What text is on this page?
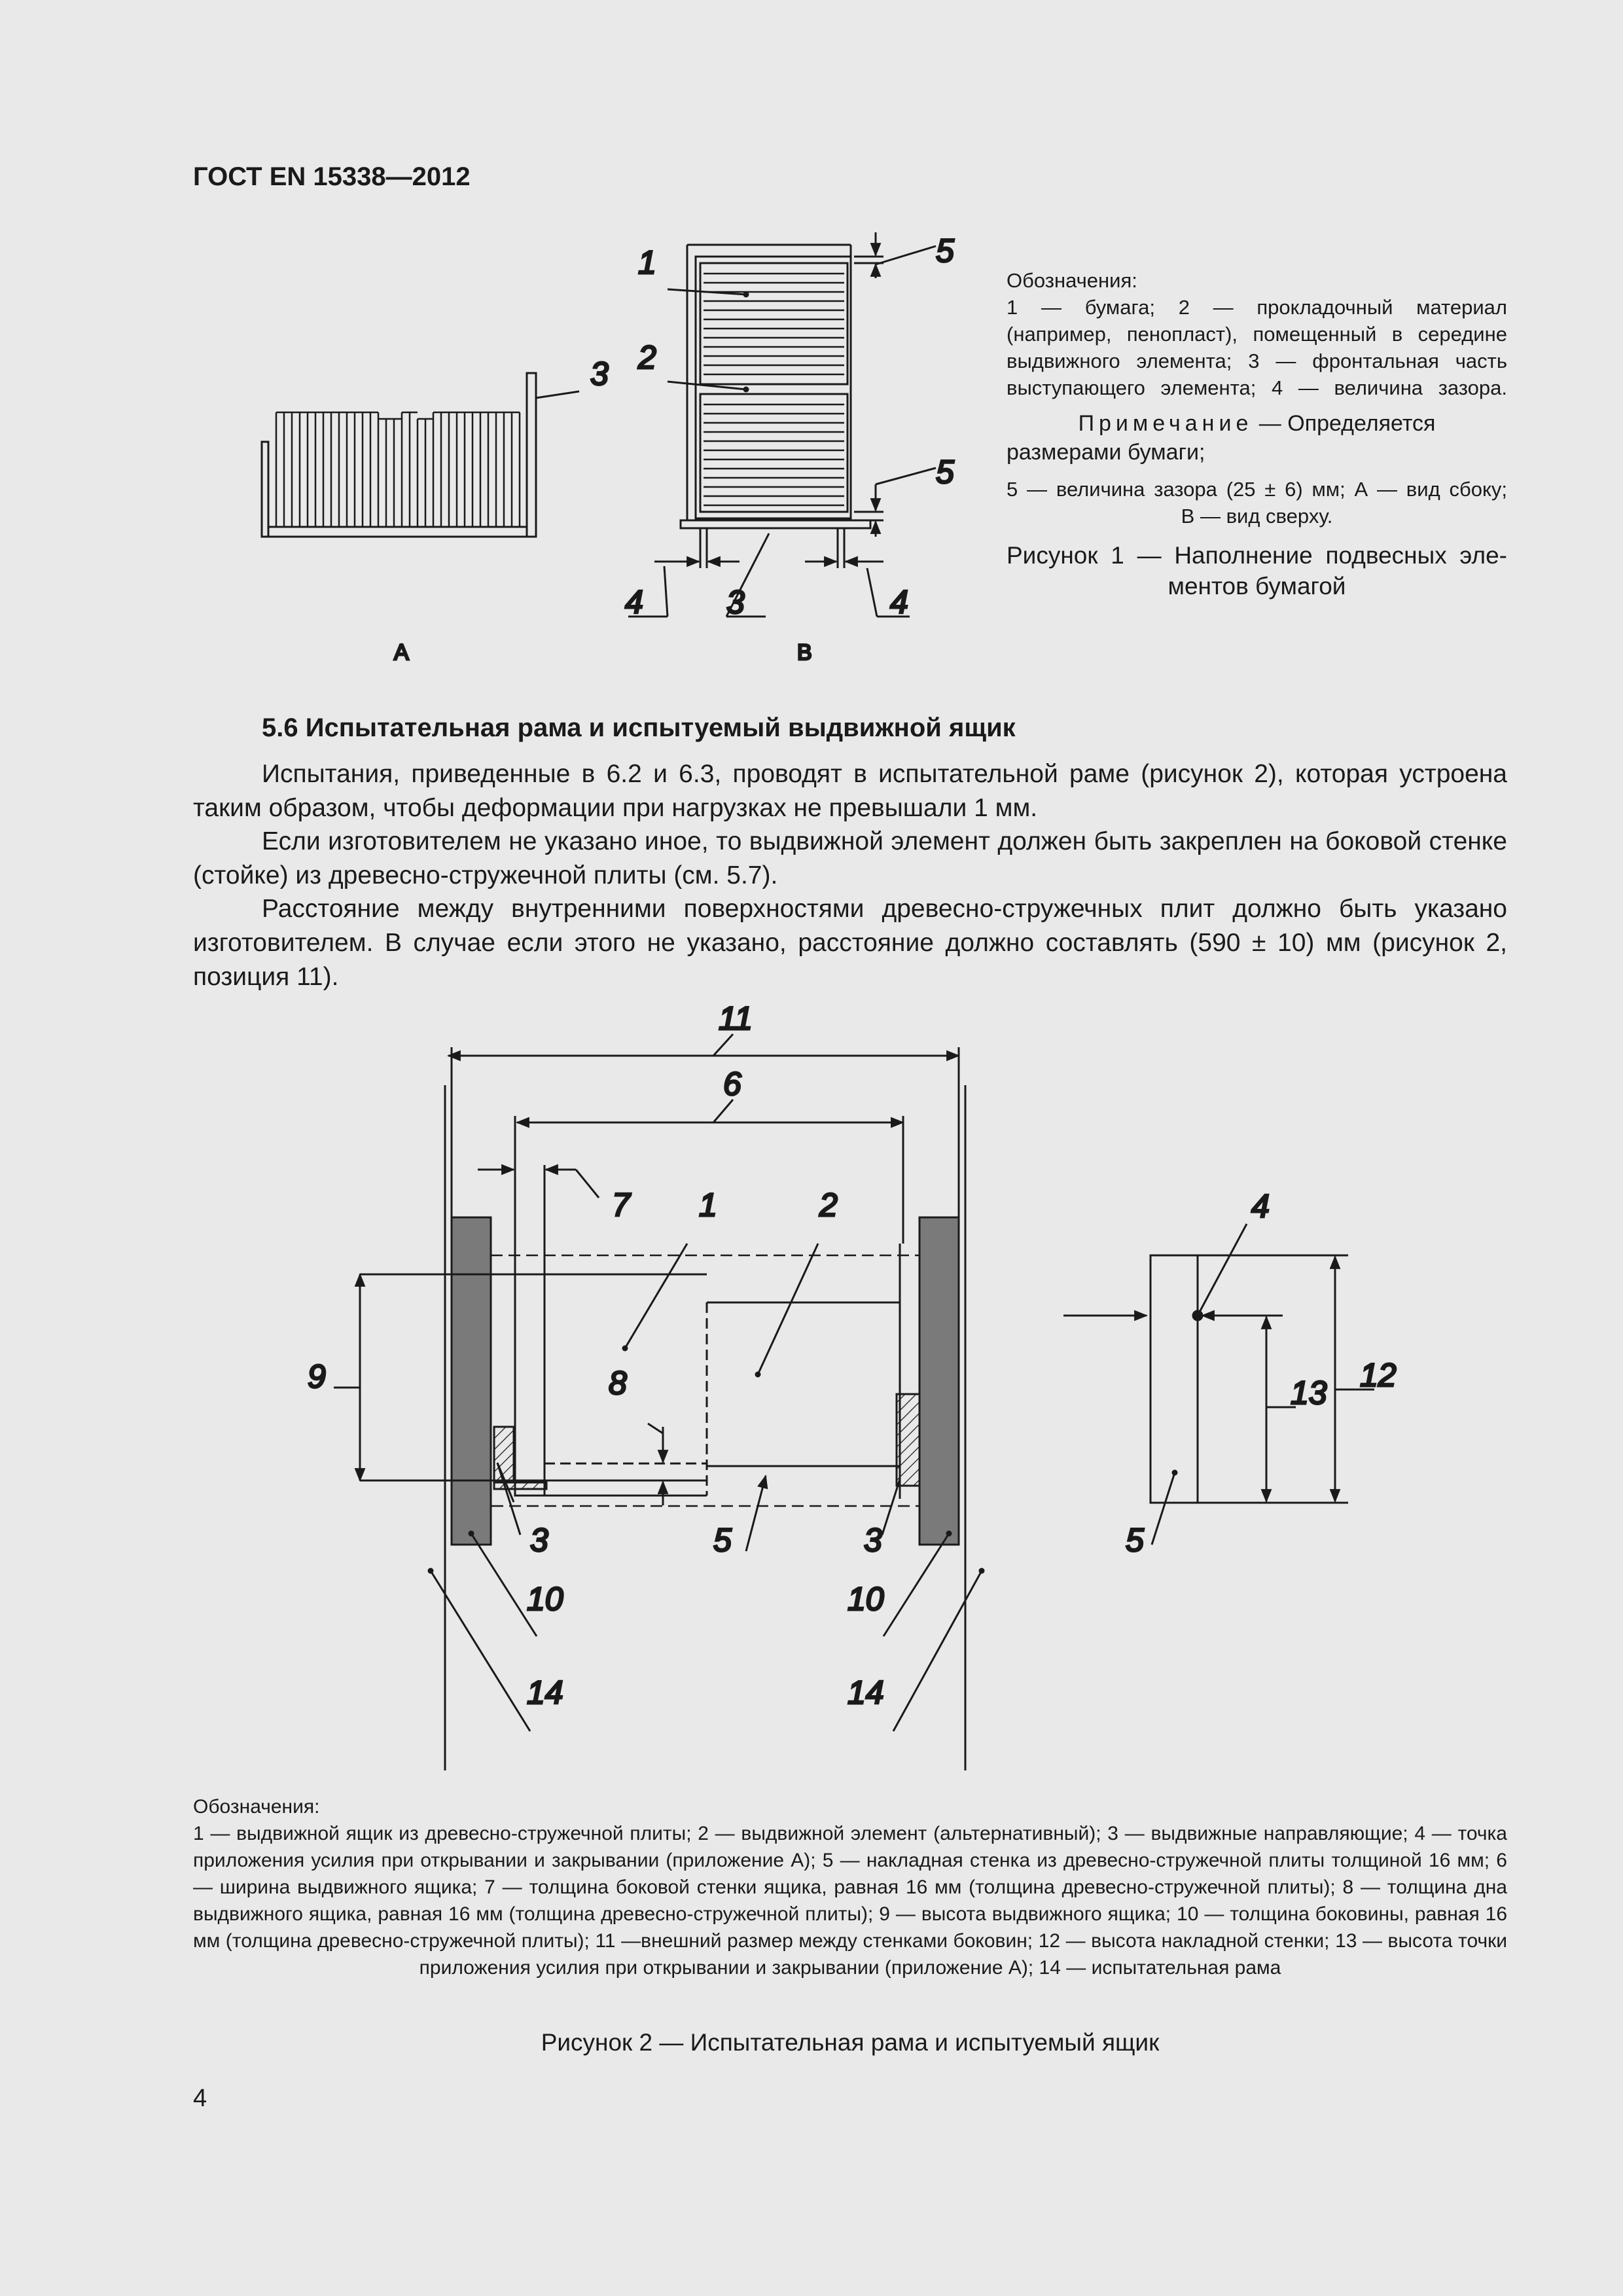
ГОСТ EN 15338—2012
3
1
2
5
5
4	3	4
А	В
Обозначения:
1 — бумага; 2 — прокладочный материал
(например, пенопласт), помещенный в середине
выдвижного элемента; 3 — фронтальная часть
выступающего элемента; 4 — величина зазора.
Примечание — Определяется
размерами бумаги;
5 — величина зазора (25 ± 6) мм; А — вид сбоку;
В — вид сверху.
Рисунок 1 — Наполнение подвесных эле-
ментов бумагой
5.6 Испытательная рама и испытуемый выдвижной ящик
Испытания, приведенные в 6.2 и 6.3, проводят в испытательной раме (рисунок 2), которая устроена таким образом, чтобы деформации при нагрузках не превышали 1 мм.
Если изготовителем не указано иное, то выдвижной элемент должен быть закреплен на боковой стенке (стойке) из древесно-стружечной плиты (см. 5.7).
Расстояние между внутренними поверхностями древесно-стружечных плит должно быть указано изготовителем. В случае если этого не указано, расстояние должно составлять (590 ± 10) мм (рисунок 2, позиция 11).
11
6
7 1	2
9	8
3	5	3
10	10
14	14
4
12
13
5
Обозначения:
1 — выдвижной ящик из древесно-стружечной плиты; 2 — выдвижной элемент (альтернативный); 3 — выдвижные направляющие; 4 — точка приложения усилия при открывании и закрывании (приложение А); 5 — накладная стенка из древесно-стружечной плиты толщиной 16 мм; 6 — ширина выдвижного ящика; 7 — толщина боковой стенки ящика, равная 16 мм (толщина древесно-стружечной плиты); 8 — толщина дна выдвижного ящика, равная 16 мм (толщина древесно-стружечной плиты); 9 — высота выдвижного ящика; 10 — толщина боковины, равная 16 мм (толщина древесно-стружечной плиты); 11 —внешний размер между стенками боковин; 12 — высота накладной стенки; 13 — высота точки приложения усилия при открывании и закрывании (приложение А); 14 — испытательная рама
Рисунок 2 — Испытательная рама и испытуемый ящик
4
